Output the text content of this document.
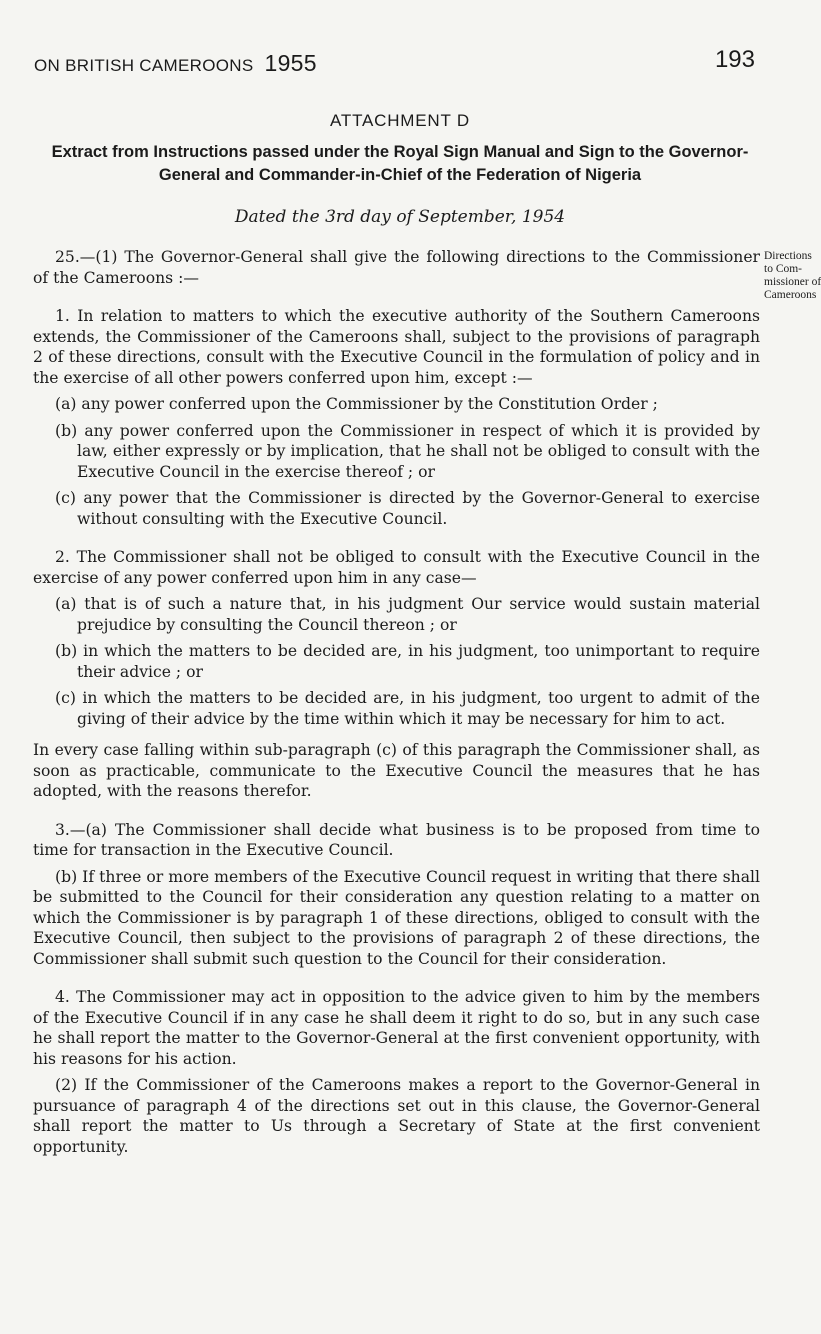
ON BRITISH CAMEROONS 1955	193
ATTACHMENT D
Extract from Instructions passed under the Royal Sign Manual and Sign to the Governor-General and Commander-in-Chief of the Federation of Nigeria
Dated the 3rd day of September, 1954
Directions
to Com-
missioner of
Cameroons

25.—(1) The Governor-General shall give the following directions to the Commissioner of the Cameroons :—

1. In relation to matters to which the executive authority of the Southern Cameroons extends, the Commissioner of the Cameroons shall, subject to the provisions of paragraph 2 of these directions, consult with the Executive Council in the formulation of policy and in the exercise of all other powers conferred upon him, except :—

(a) any power conferred upon the Commissioner by the Constitution Order ;

(b) any power conferred upon the Commissioner in respect of which it is provided by law, either expressly or by implication, that he shall not be obliged to consult with the Executive Council in the exercise thereof ; or

(c) any power that the Commissioner is directed by the Governor-General to exercise without consulting with the Executive Council.

2. The Commissioner shall not be obliged to consult with the Executive Council in the exercise of any power conferred upon him in any case—

(a) that is of such a nature that, in his judgment Our service would sustain material prejudice by consulting the Council thereon ; or

(b) in which the matters to be decided are, in his judgment, too unimportant to require their advice ; or

(c) in which the matters to be decided are, in his judgment, too urgent to admit of the giving of their advice by the time within which it may be necessary for him to act.

In every case falling within sub-paragraph (c) of this paragraph the Commissioner shall, as soon as practicable, communicate to the Executive Council the measures that he has adopted, with the reasons therefor.

3.—(a) The Commissioner shall decide what business is to be proposed from time to time for transaction in the Executive Council.

(b) If three or more members of the Executive Council request in writing that there shall be submitted to the Council for their consideration any question relating to a matter on which the Commissioner is by paragraph 1 of these directions, obliged to consult with the Executive Council, then subject to the provisions of paragraph 2 of these directions, the Commissioner shall submit such question to the Council for their consideration.

4. The Commissioner may act in opposition to the advice given to him by the members of the Executive Council if in any case he shall deem it right to do so, but in any such case he shall report the matter to the Governor-General at the first convenient opportunity, with his reasons for his action.

(2) If the Commissioner of the Cameroons makes a report to the Governor-General in pursuance of paragraph 4 of the directions set out in this clause, the Governor-General shall report the matter to Us through a Secretary of State at the first convenient opportunity.
